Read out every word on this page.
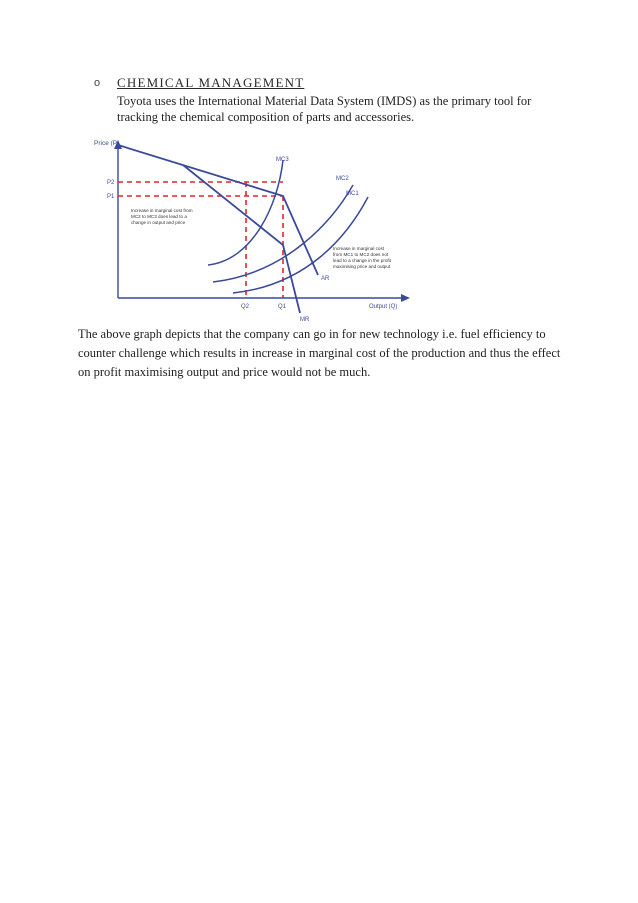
o CHEMICAL MANAGEMENT
Toyota uses the International Material Data System (IMDS) as the primary tool for tracking the chemical composition of parts and accessories.
Price (P)
Output (Q)
P2
P1
Q2	Q1
MC3
MC2
MC1
AR
MR
Increase in marginal cost from MC2 to MC3 does lead to a change in output and price
Increase in marginal cost from MC1 to MC2 does not lead to a change in the profit maximising price and output
The above graph depicts that the company can go in for new technology i.e. fuel efficiency to counter challenge which results in increase in marginal cost of the production and thus the effect on profit maximising output and price would not be much.
